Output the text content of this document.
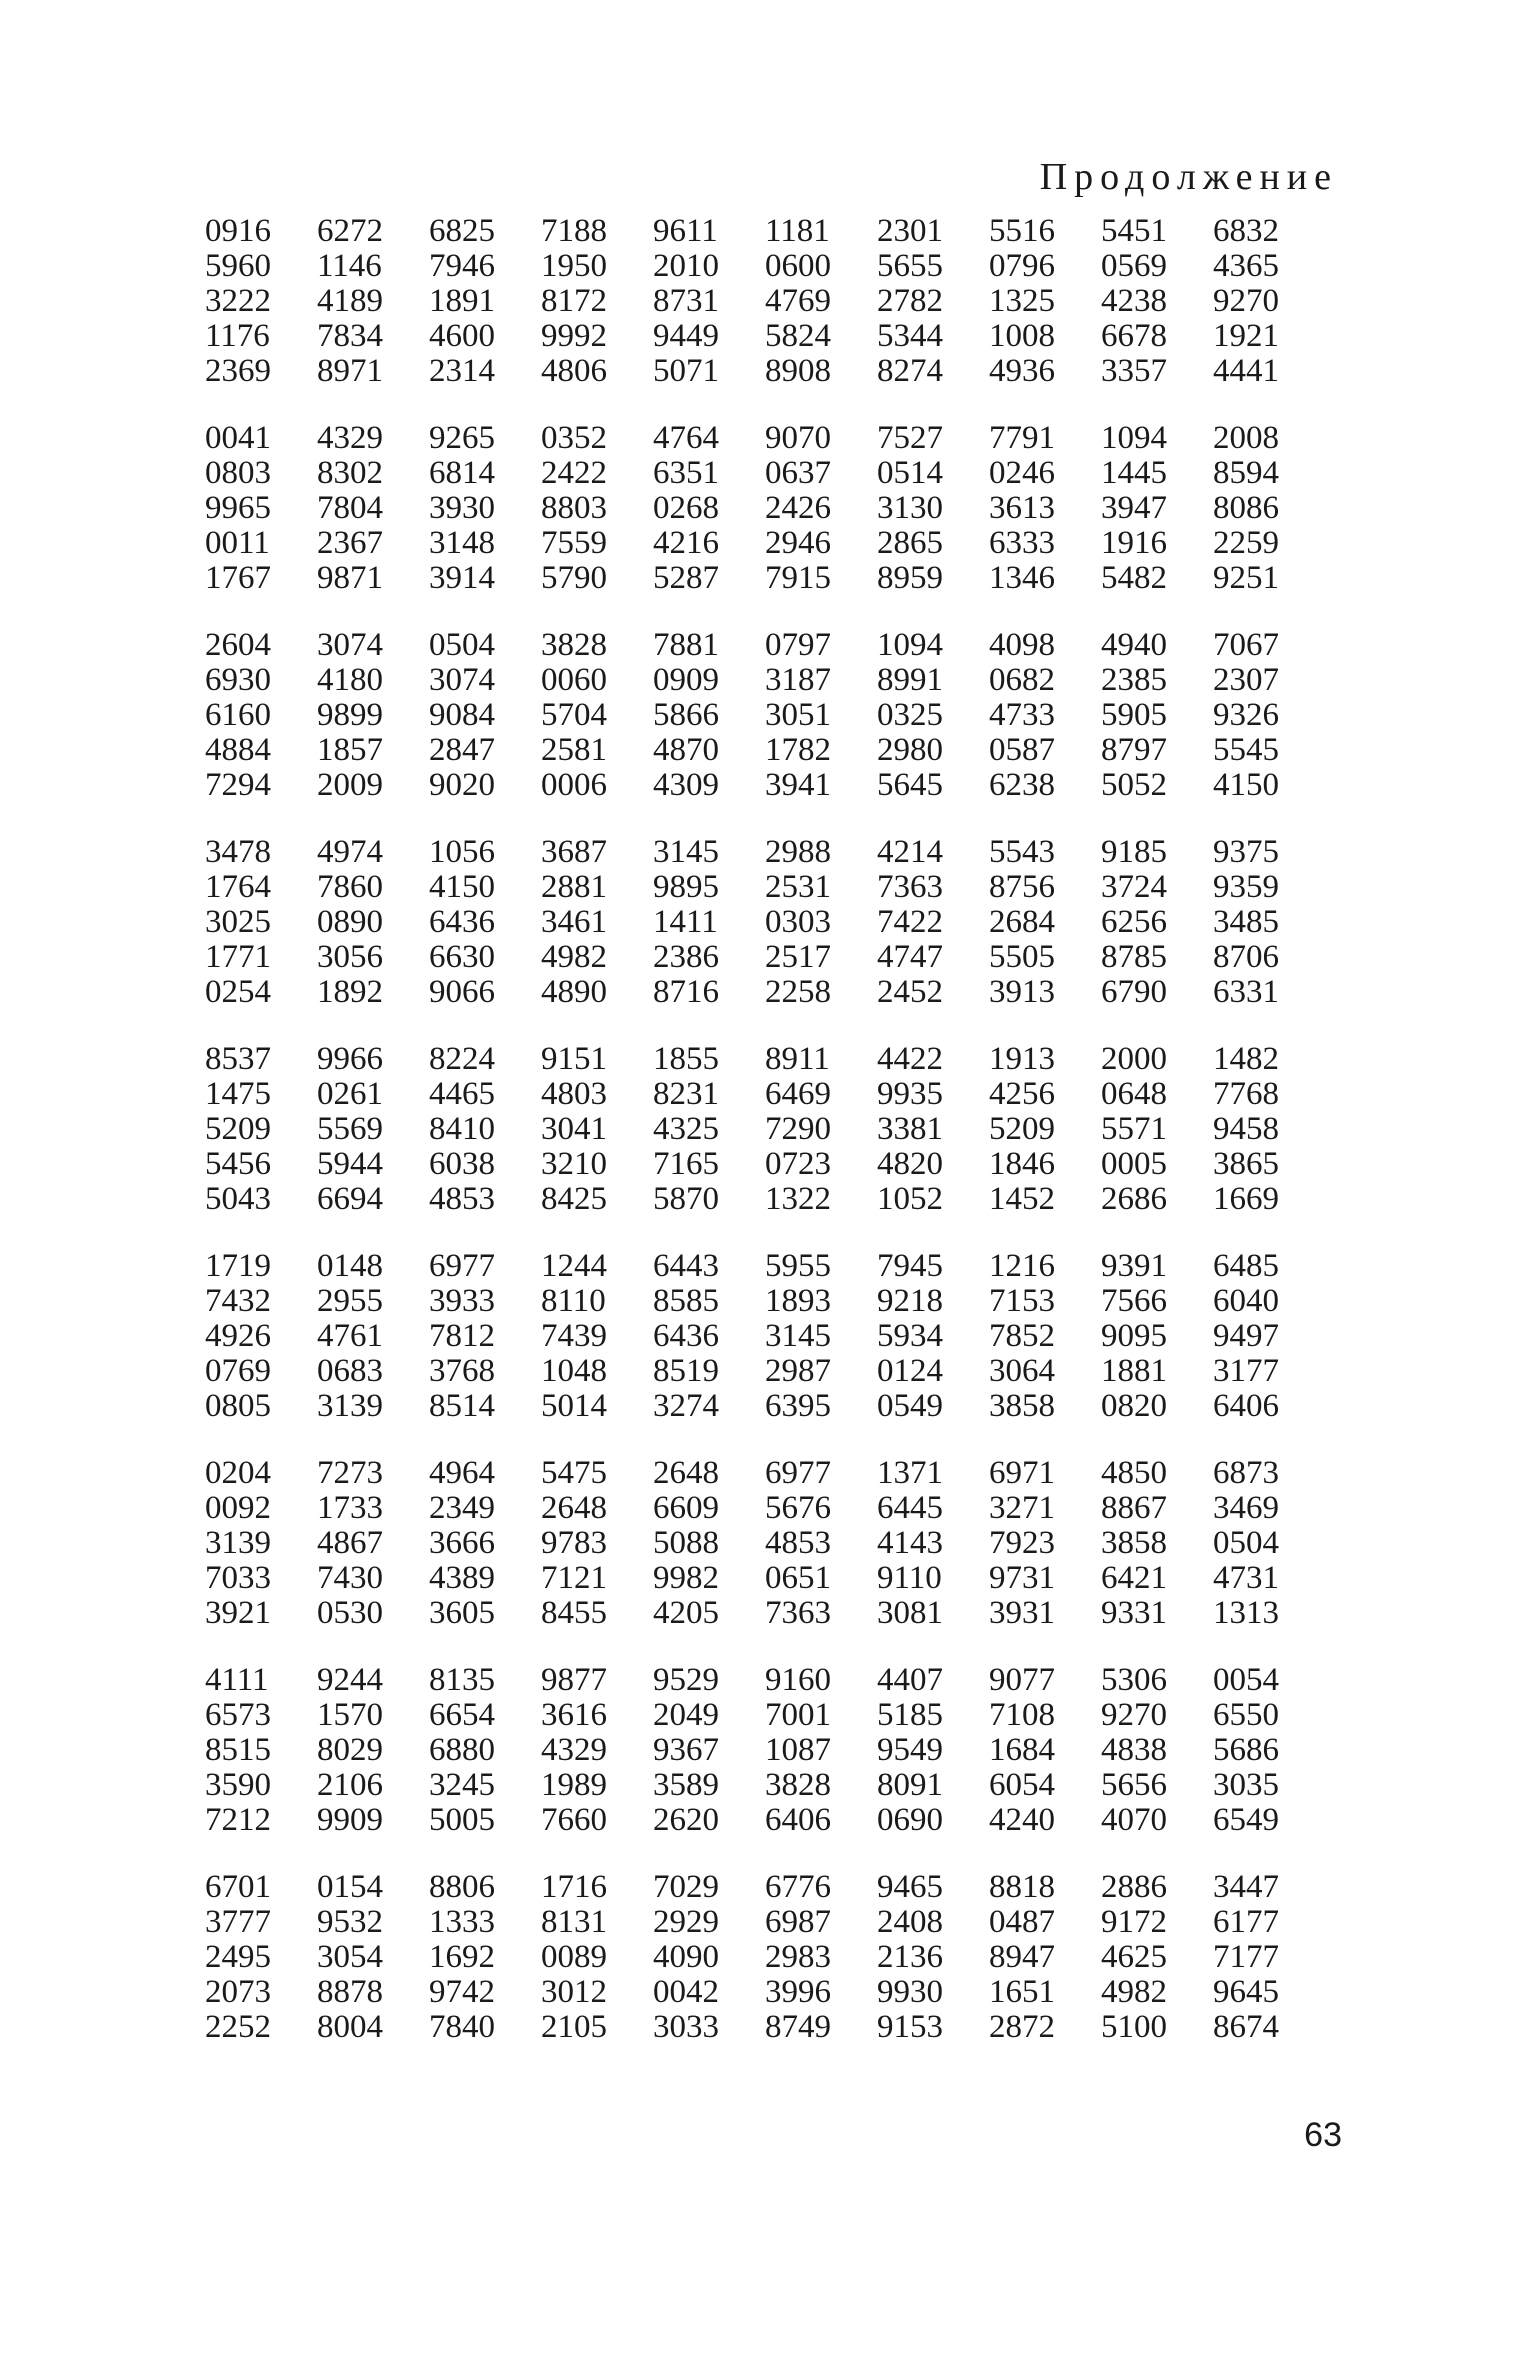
Продолжение
0916	6272	6825	7188	9611	1181	2301	5516	5451	6832
5960	1146	7946	1950	2010	0600	5655	0796	0569	4365
3222	4189	1891	8172	8731	4769	2782	1325	4238	9270
1176	7834	4600	9992	9449	5824	5344	1008	6678	1921
2369	8971	2314	4806	5071	8908	8274	4936	3357	4441
0041	4329	9265	0352	4764	9070	7527	7791	1094	2008
0803	8302	6814	2422	6351	0637	0514	0246	1445	8594
9965	7804	3930	8803	0268	2426	3130	3613	3947	8086
0011	2367	3148	7559	4216	2946	2865	6333	1916	2259
1767	9871	3914	5790	5287	7915	8959	1346	5482	9251
2604	3074	0504	3828	7881	0797	1094	4098	4940	7067
6930	4180	3074	0060	0909	3187	8991	0682	2385	2307
6160	9899	9084	5704	5866	3051	0325	4733	5905	9326
4884	1857	2847	2581	4870	1782	2980	0587	8797	5545
7294	2009	9020	0006	4309	3941	5645	6238	5052	4150
3478	4974	1056	3687	3145	2988	4214	5543	9185	9375
1764	7860	4150	2881	9895	2531	7363	8756	3724	9359
3025	0890	6436	3461	1411	0303	7422	2684	6256	3485
1771	3056	6630	4982	2386	2517	4747	5505	8785	8706
0254	1892	9066	4890	8716	2258	2452	3913	6790	6331
8537	9966	8224	9151	1855	8911	4422	1913	2000	1482
1475	0261	4465	4803	8231	6469	9935	4256	0648	7768
5209	5569	8410	3041	4325	7290	3381	5209	5571	9458
5456	5944	6038	3210	7165	0723	4820	1846	0005	3865
5043	6694	4853	8425	5870	1322	1052	1452	2686	1669
1719	0148	6977	1244	6443	5955	7945	1216	9391	6485
7432	2955	3933	8110	8585	1893	9218	7153	7566	6040
4926	4761	7812	7439	6436	3145	5934	7852	9095	9497
0769	0683	3768	1048	8519	2987	0124	3064	1881	3177
0805	3139	8514	5014	3274	6395	0549	3858	0820	6406
0204	7273	4964	5475	2648	6977	1371	6971	4850	6873
0092	1733	2349	2648	6609	5676	6445	3271	8867	3469
3139	4867	3666	9783	5088	4853	4143	7923	3858	0504
7033	7430	4389	7121	9982	0651	9110	9731	6421	4731
3921	0530	3605	8455	4205	7363	3081	3931	9331	1313
4111	9244	8135	9877	9529	9160	4407	9077	5306	0054
6573	1570	6654	3616	2049	7001	5185	7108	9270	6550
8515	8029	6880	4329	9367	1087	9549	1684	4838	5686
3590	2106	3245	1989	3589	3828	8091	6054	5656	3035
7212	9909	5005	7660	2620	6406	0690	4240	4070	6549
6701	0154	8806	1716	7029	6776	9465	8818	2886	3447
3777	9532	1333	8131	2929	6987	2408	0487	9172	6177
2495	3054	1692	0089	4090	2983	2136	8947	4625	7177
2073	8878	9742	3012	0042	3996	9930	1651	4982	9645
2252	8004	7840	2105	3033	8749	9153	2872	5100	8674
63
